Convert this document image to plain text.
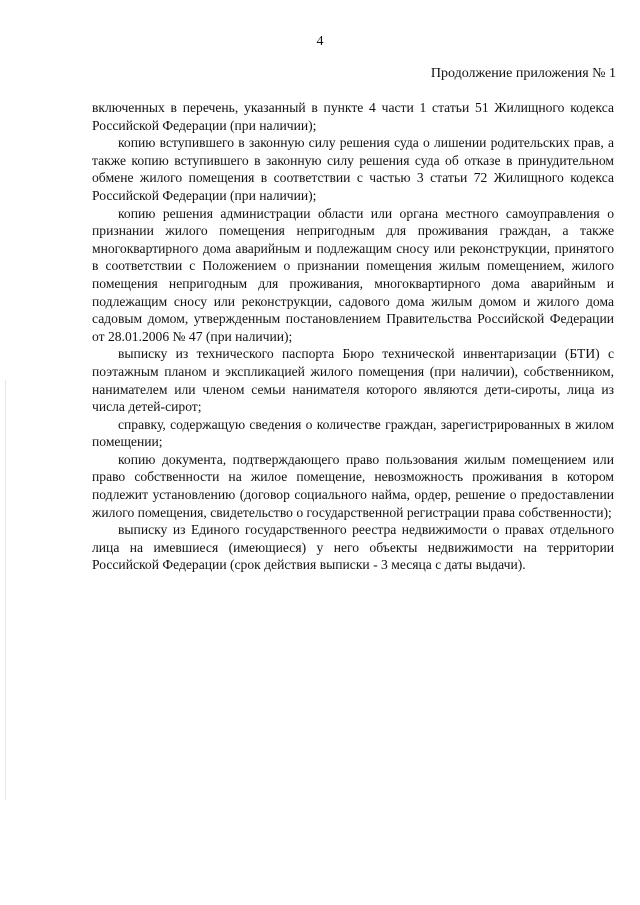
4
Продолжение приложения № 1

включенных в перечень, указанный в пункте 4 части 1 статьи 51 Жилищного кодекса Российской Федерации (при наличии);

копию вступившего в законную силу решения суда о лишении родительских прав, а также копию вступившего в законную силу решения суда об отказе в принудительном обмене жилого помещения в соответствии с частью 3 статьи 72 Жилищного кодекса Российской Федерации (при наличии);

копию решения администрации области или органа местного самоуправления о признании жилого помещения непригодным для проживания граждан, а также многоквартирного дома аварийным и подлежащим сносу или реконструкции, принятого в соответствии с Положением о признании помещения жилым помещением, жилого помещения непригодным для проживания, многоквартирного дома аварийным и подлежащим сносу или реконструкции, садового дома жилым домом и жилого дома садовым домом, утвержденным постановлением Правительства Российской Федерации от 28.01.2006 № 47 (при наличии);

выписку из технического паспорта Бюро технической инвентаризации (БТИ) с поэтажным планом и экспликацией жилого помещения (при наличии), собственником, нанимателем или членом семьи нанимателя которого являются дети-сироты, лица из числа детей-сирот;

справку, содержащую сведения о количестве граждан, зарегистрированных в жилом помещении;

копию документа, подтверждающего право пользования жилым помещением или право собственности на жилое помещение, невозможность проживания в котором подлежит установлению (договор социального найма, ордер, решение о предоставлении жилого помещения, свидетельство о государственной регистрации права собственности);

выписку из Единого государственного реестра недвижимости о правах отдельного лица на имевшиеся (имеющиеся) у него объекты недвижимости на территории Российской Федерации (срок действия выписки - 3 месяца с даты выдачи).
